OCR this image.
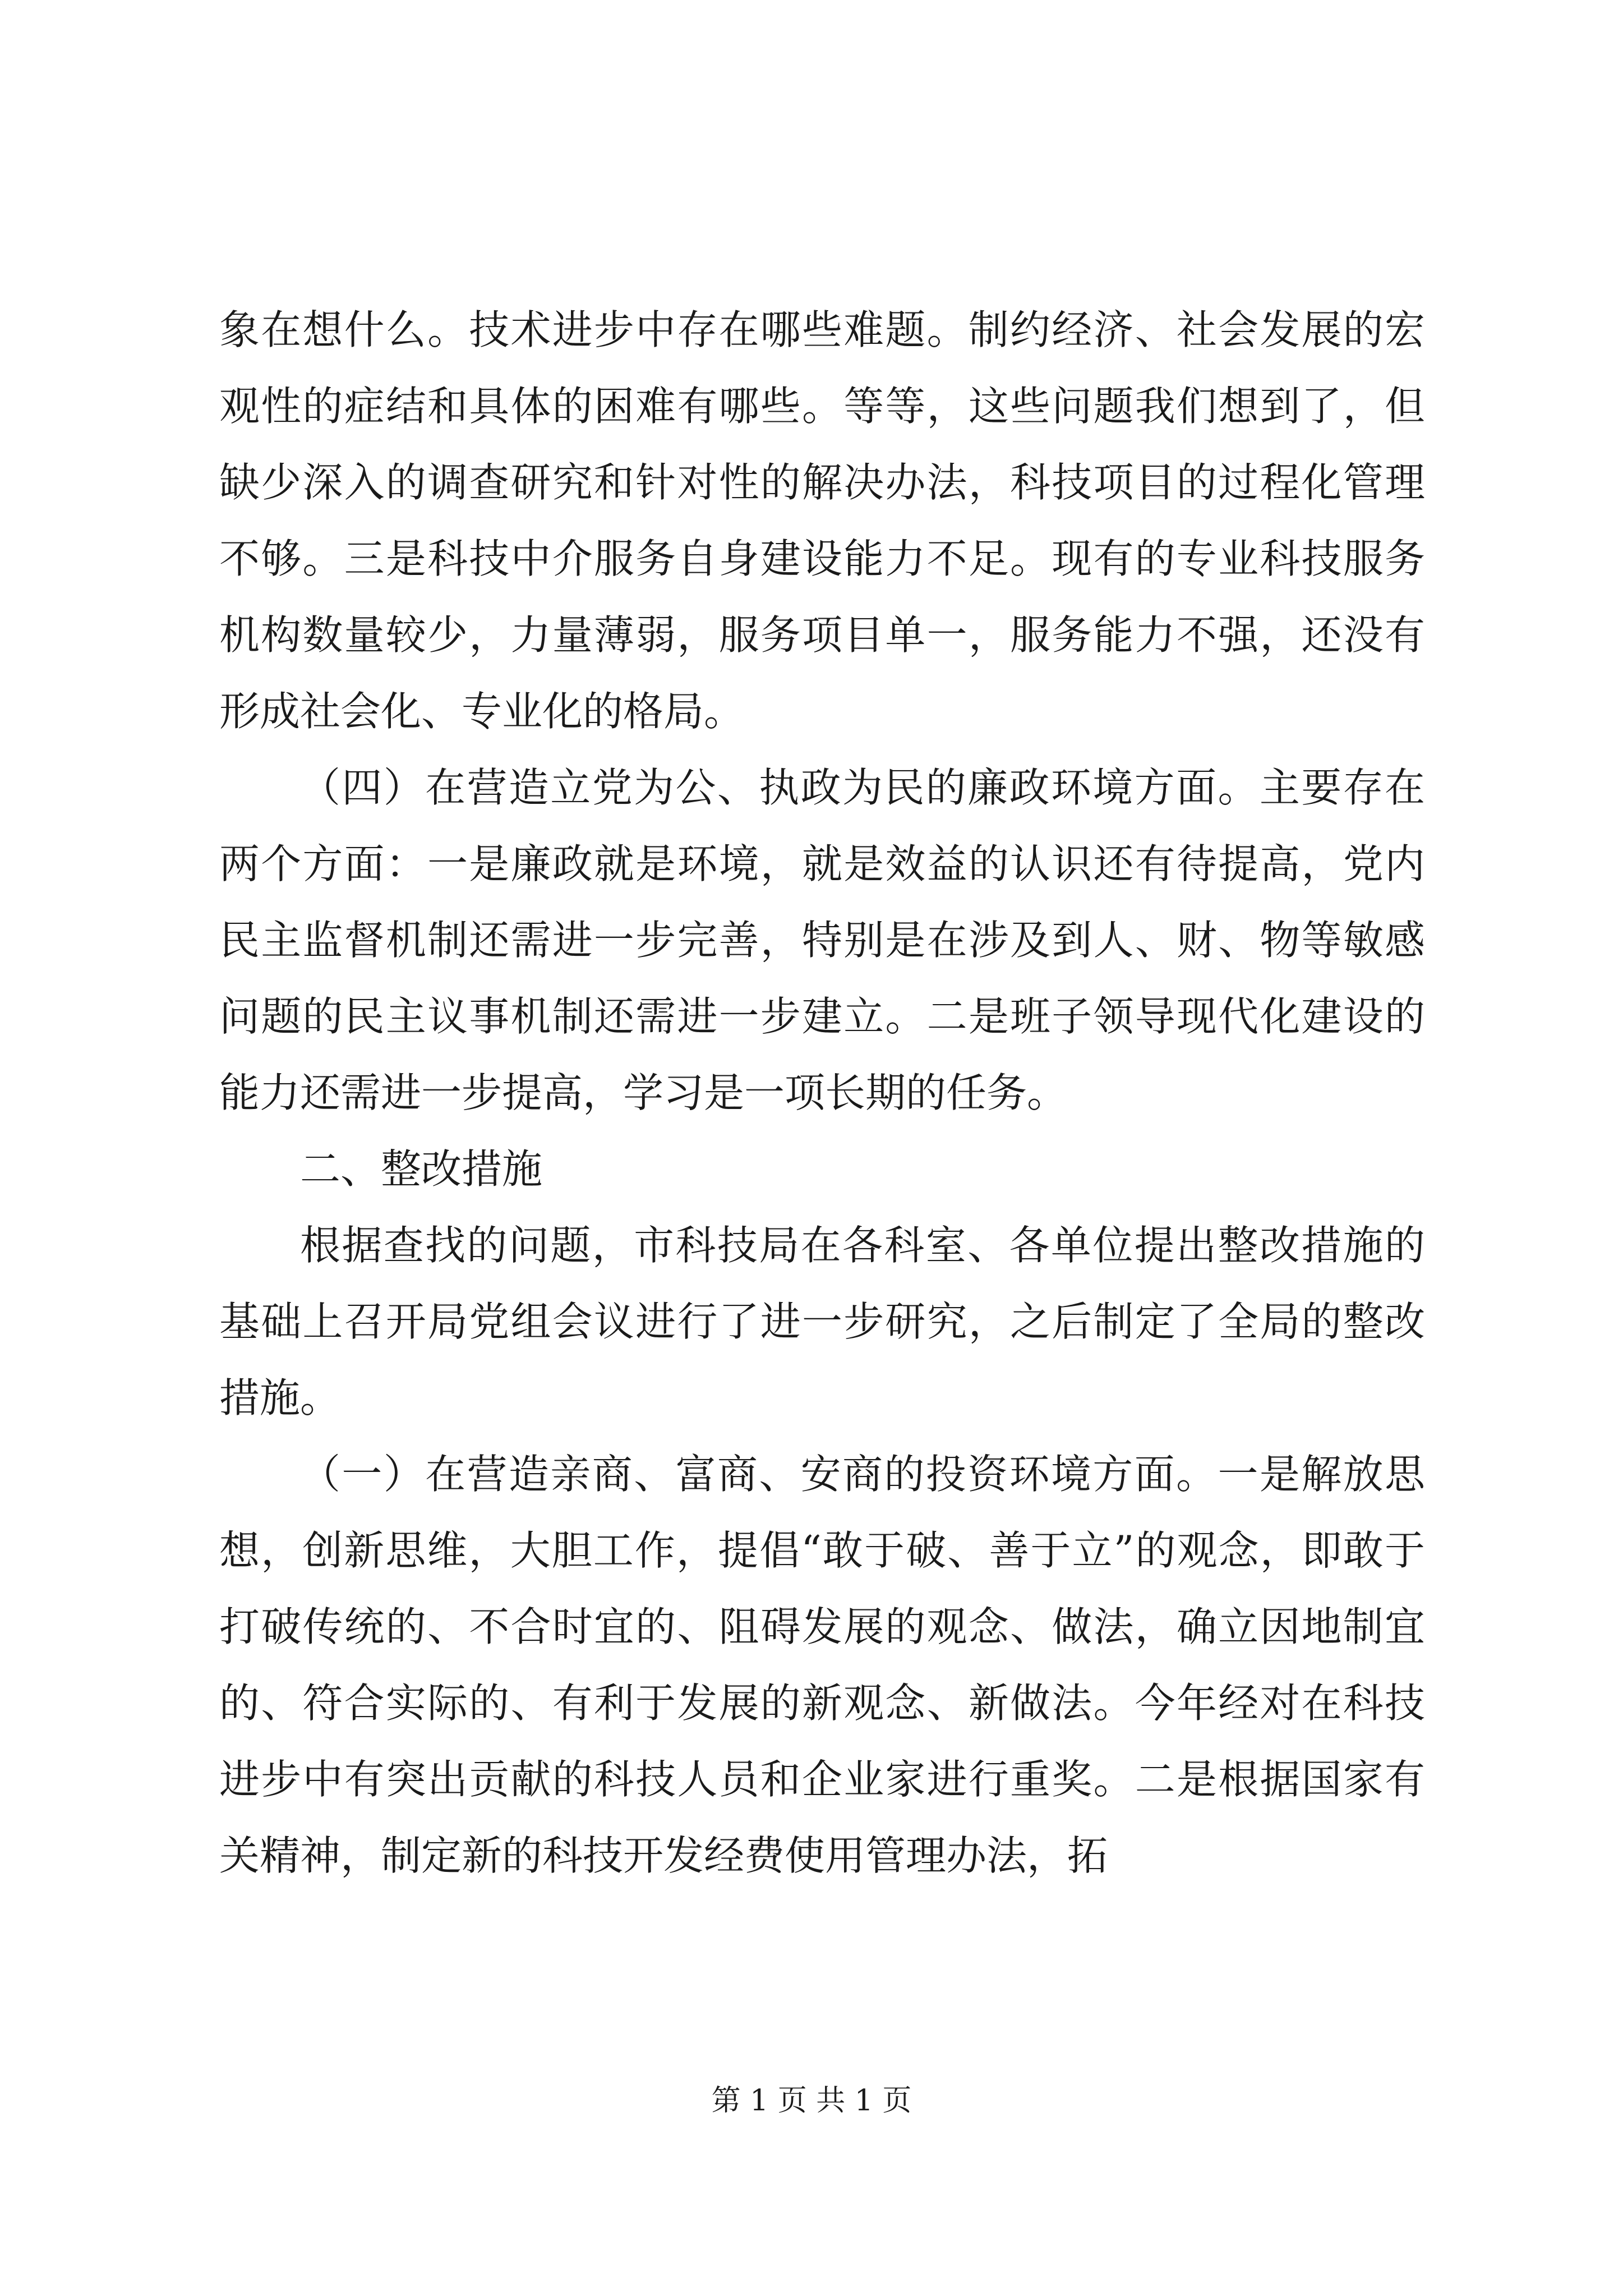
象在想什么。技术进步中存在哪些难题。制约经济、社会发展的宏观性的症结和具体的困难有哪些。等等，这些问题我们想到了，但缺少深入的调查研究和针对性的解决办法，科技项目的过程化管理不够。三是科技中介服务自身建设能力不足。现有的专业科技服务机构数量较少，力量薄弱，服务项目单一，服务能力不强，还没有形成社会化、专业化的格局。

（四）在营造立党为公、执政为民的廉政环境方面。主要存在两个方面：一是廉政就是环境，就是效益的认识还有待提高，党内民主监督机制还需进一步完善，特别是在涉及到人、财、物等敏感问题的民主议事机制还需进一步建立。二是班子领导现代化建设的能力还需进一步提高，学习是一项长期的任务。

二、整改措施

根据查找的问题，市科技局在各科室、各单位提出整改措施的基础上召开局党组会议进行了进一步研究，之后制定了全局的整改措施。

（一）在营造亲商、富商、安商的投资环境方面。一是解放思想，创新思维，大胆工作，提倡“敢于破、善于立”的观念，即敢于打破传统的、不合时宜的、阻碍发展的观念、做法，确立因地制宜的、符合实际的、有利于发展的新观念、新做法。今年经对在科技进步中有突出贡献的科技人员和企业家进行重奖。二是根据国家有关精神，制定新的科技开发经费使用管理办法，拓

第 1 页 共 1 页
